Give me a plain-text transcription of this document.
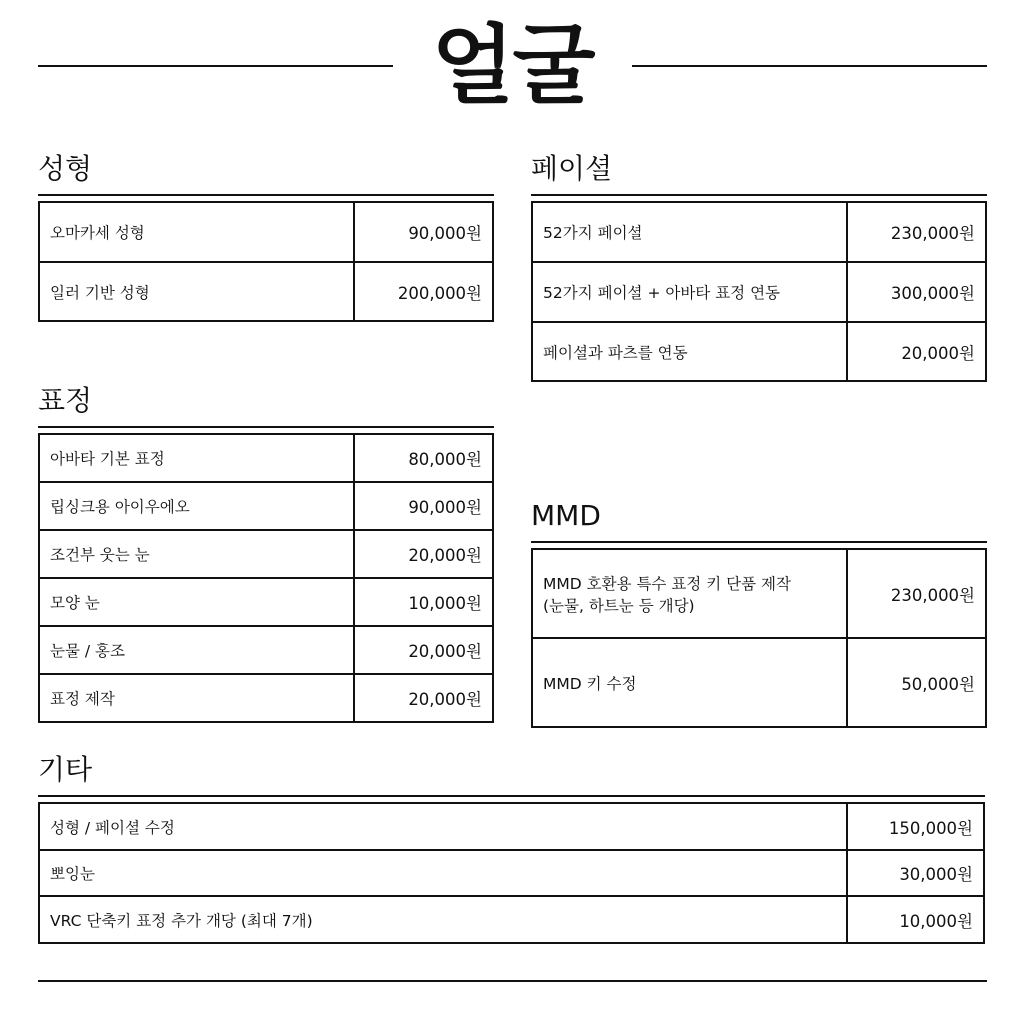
얼굴
성형
오마카세 성형	90,000원
일러 기반 성형	200,000원
페이셜
52가지 페이셜	230,000원
52가지 페이셜 + 아바타 표정 연동	300,000원
페이셜과 파츠를 연동	20,000원
표정
아바타 기본 표정	80,000원
립싱크용 아이우에오	90,000원
조건부 웃는 눈	20,000원
모양 눈	10,000원
눈물 / 홍조	20,000원
표정 제작	20,000원
MMD
MMD 호환용 특수 표정 키 단품 제작
(눈물, 하트눈 등 개당)	230,000원
MMD 키 수정	50,000원
기타
성형 / 페이셜 수정	150,000원
뽀잉눈	30,000원
VRC 단축키 표정 추가 개당 (최대 7개)	10,000원
